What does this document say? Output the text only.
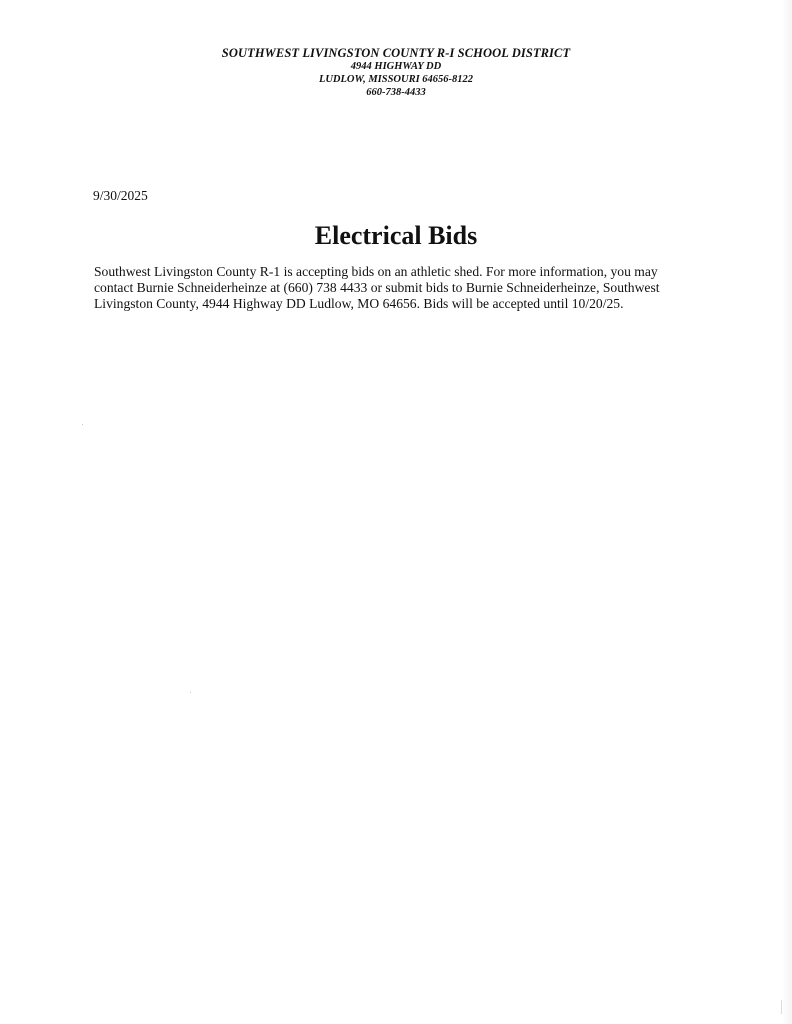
SOUTHWEST LIVINGSTON COUNTY R-I SCHOOL DISTRICT
4944 HIGHWAY DD
LUDLOW, MISSOURI 64656-8122
660-738-4433
9/30/2025
Electrical Bids
Southwest Livingston County R-1 is accepting bids on an athletic shed. For more information, you may
contact Burnie Schneiderheinze at (660) 738 4433 or submit bids to Burnie Schneiderheinze, Southwest
Livingston County, 4944 Highway DD Ludlow, MO 64656. Bids will be accepted until 10/20/25.
